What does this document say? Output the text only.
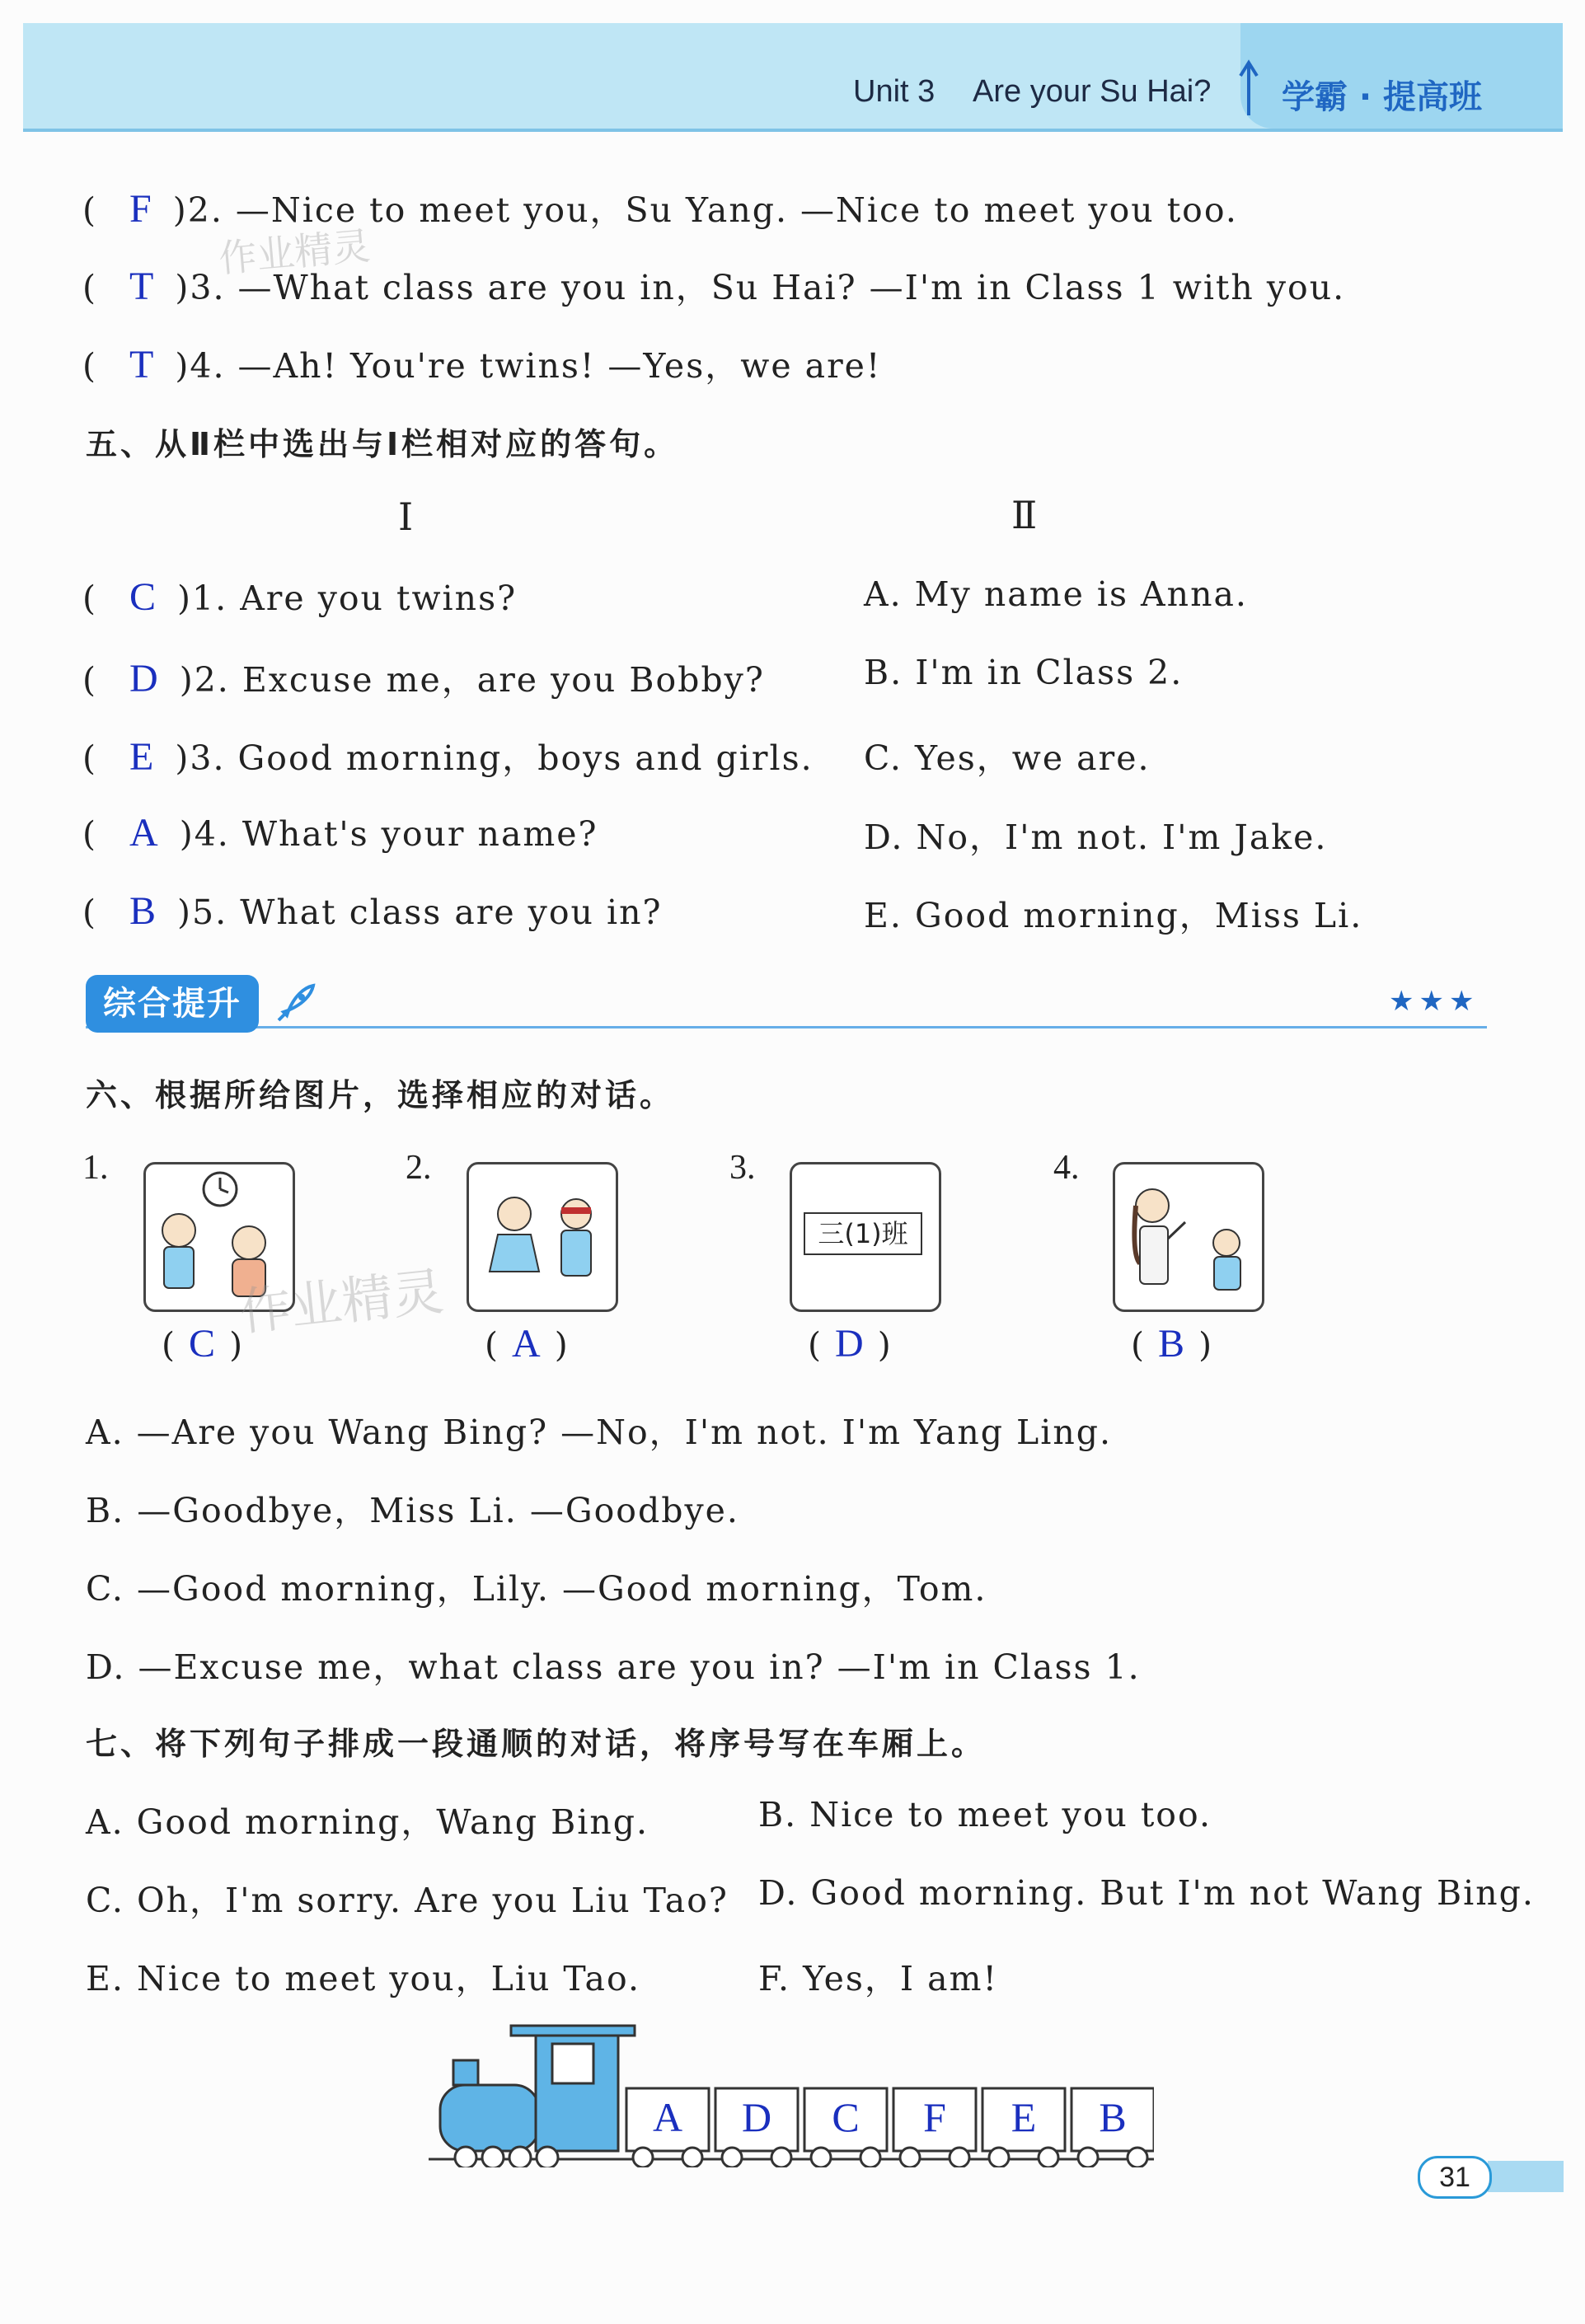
Unit 3 Are your Su Hai? 学霸 · 提高班
作业精灵
( F )2. —Nice to meet you，Su Yang. —Nice to meet you too.
( T )3. —What class are you in，Su Hai? —I'm in Class 1 with you.
( T )4. —Ah! You're twins! —Yes，we are!
五、从Ⅱ栏中选出与Ⅰ栏相对应的答句。
Ⅰ	Ⅱ
( C )1. Are you twins?
( D )2. Excuse me，are you Bobby?
( E )3. Good morning，boys and girls.
( A )4. What's your name?
( B )5. What class are you in?
A. My name is Anna.
B. I'm in Class 2.
C. Yes，we are.
D. No，I'm not. I'm Jake.
E. Good morning，Miss Li.
综合提升	★★★
六、根据所给图片，选择相应的对话。
1.
( C )
2.
( A )
3.
三(1)班
( D )
4.
( B )
作业精灵
A. —Are you Wang Bing? —No，I'm not. I'm Yang Ling.
B. —Goodbye，Miss Li. —Goodbye.
C. —Good morning，Lily. —Good morning，Tom.
D. —Excuse me，what class are you in? —I'm in Class 1.
七、将下列句子排成一段通顺的对话，将序号写在车厢上。
A. Good morning，Wang Bing.
C. Oh，I'm sorry. Are you Liu Tao?
E. Nice to meet you，Liu Tao.
B. Nice to meet you too.
D. Good morning. But I'm not Wang Bing.
F. Yes，I am!
A D C F E B
31
